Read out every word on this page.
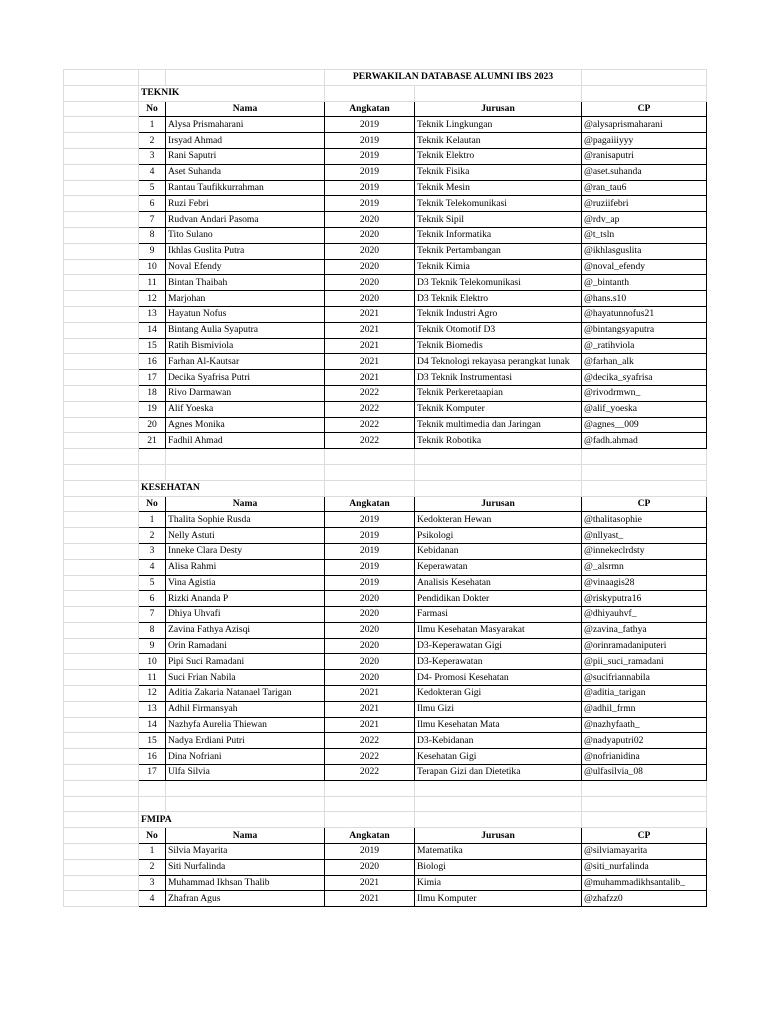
			PERWAKILAN DATABASE ALUMNI IBS 2023		
	TEKNIK				
	No	Nama	Angkatan	Jurusan	CP
	1	Alysa Prismaharani	2019	Teknik Lingkungan	@alysaprismaharani
	2	Irsyad Ahmad	2019	Teknik Kelautan	@pagaiiiyyy
	3	Rani Saputri	2019	Teknik Elektro	@ranisaputri
	4	Aset Suhanda	2019	Teknik Fisika	@aset.suhanda
	5	Rantau Taufikkurrahman	2019	Teknik Mesin	@ran_tau6
	6	Ruzi Febri	2019	Teknik Telekomunikasi	@ruziifebri
	7	Rudvan Andari Pasoma	2020	Teknik Sipil	@rdv_ap
	8	Tito Sulano	2020	Teknik Informatika	@t_tsln
	9	Ikhlas Guslita Putra	2020	Teknik Pertambangan	@ikhlasguslita
	10	Noval Efendy	2020	Teknik Kimia	@noval_efendy
	11	Bintan Thaibah	2020	D3 Teknik Telekomunikasi	@_bintanth
	12	Marjohan	2020	D3 Teknik Elektro	@hans.s10
	13	Hayatun Nofus	2021	Teknik Industri Agro	@hayatunnofus21
	14	Bintang Aulia Syaputra	2021	Teknik Otomotif D3	@bintangsyaputra
	15	Ratih Bismiviola	2021	Teknik Biomedis	@_ratihviola
	16	Farhan Al-Kautsar	2021	D4 Teknologi rekayasa perangkat lunak	@farhan_alk
	17	Decika Syafrisa Putri	2021	D3 Teknik Instrumentasi	@decika_syafrisa
	18	Rivo Darmawan	2022	Teknik Perkeretaapian	@rivodrmwn_
	19	Alif Yoeska	2022	Teknik Komputer	@alif_yoeska
	20	Agnes Monika	2022	Teknik multimedia dan Jaringan	@agnes__009
	21	Fadhil Ahmad	2022	Teknik Robotika	@fadh.ahmad

	KESEHATAN				
	No	Nama	Angkatan	Jurusan	CP
	1	Thalita Sophie Rusda	2019	Kedokteran Hewan	@thalitasophie
	2	Nelly Astuti	2019	Psikologi	@nllyast_
	3	Inneke Clara Desty	2019	Kebidanan	@innekeclrdsty
	4	Alisa Rahmi	2019	Keperawatan	@_alsrmn
	5	Vina Agistia	2019	Analisis Kesehatan	@vinaagis28
	6	Rizki Ananda P	2020	Pendidikan Dokter	@riskyputra16
	7	Dhiya Uhvafi	2020	Farmasi	@dhiyauhvf_
	8	Zavina Fathya Azisqi	2020	Ilmu Kesehatan Masyarakat	@zavina_fathya
	9	Orin Ramadani	2020	D3-Keperawatan Gigi	@orinramadaniputeri
	10	Pipi Suci Ramadani	2020	D3-Keperawatan	@pii_suci_ramadani
	11	Suci Frian Nabila	2020	D4- Promosi Kesehatan	@sucifriannabila
	12	Aditia Zakaria Natanael Tarigan	2021	Kedokteran Gigi	@aditia_tarigan
	13	Adhil Firmansyah	2021	Ilmu Gizi	@adhil_frmn
	14	Nazhyfa Aurelia Thiewan	2021	Ilmu Kesehatan Mata	@nazhyfaath_
	15	Nadya Erdiani Putri	2022	D3-Kebidanan	@nadyaputri02
	16	Dina Nofriani	2022	Kesehatan Gigi	@nofrianidina
	17	Ulfa Silvia	2022	Terapan Gizi dan Dietetika	@ulfasilvia_08

	FMIPA				
	No	Nama	Angkatan	Jurusan	CP
	1	Silvia Mayarita	2019	Matematika	@silviamayarita
	2	Siti Nurfalinda	2020	Biologi	@siti_nurfalinda
	3	Muhammad Ikhsan Thalib	2021	Kimia	@muhammadikhsantalib_
	4	Zhafran Agus	2021	Ilmu Komputer	@zhafzz0
